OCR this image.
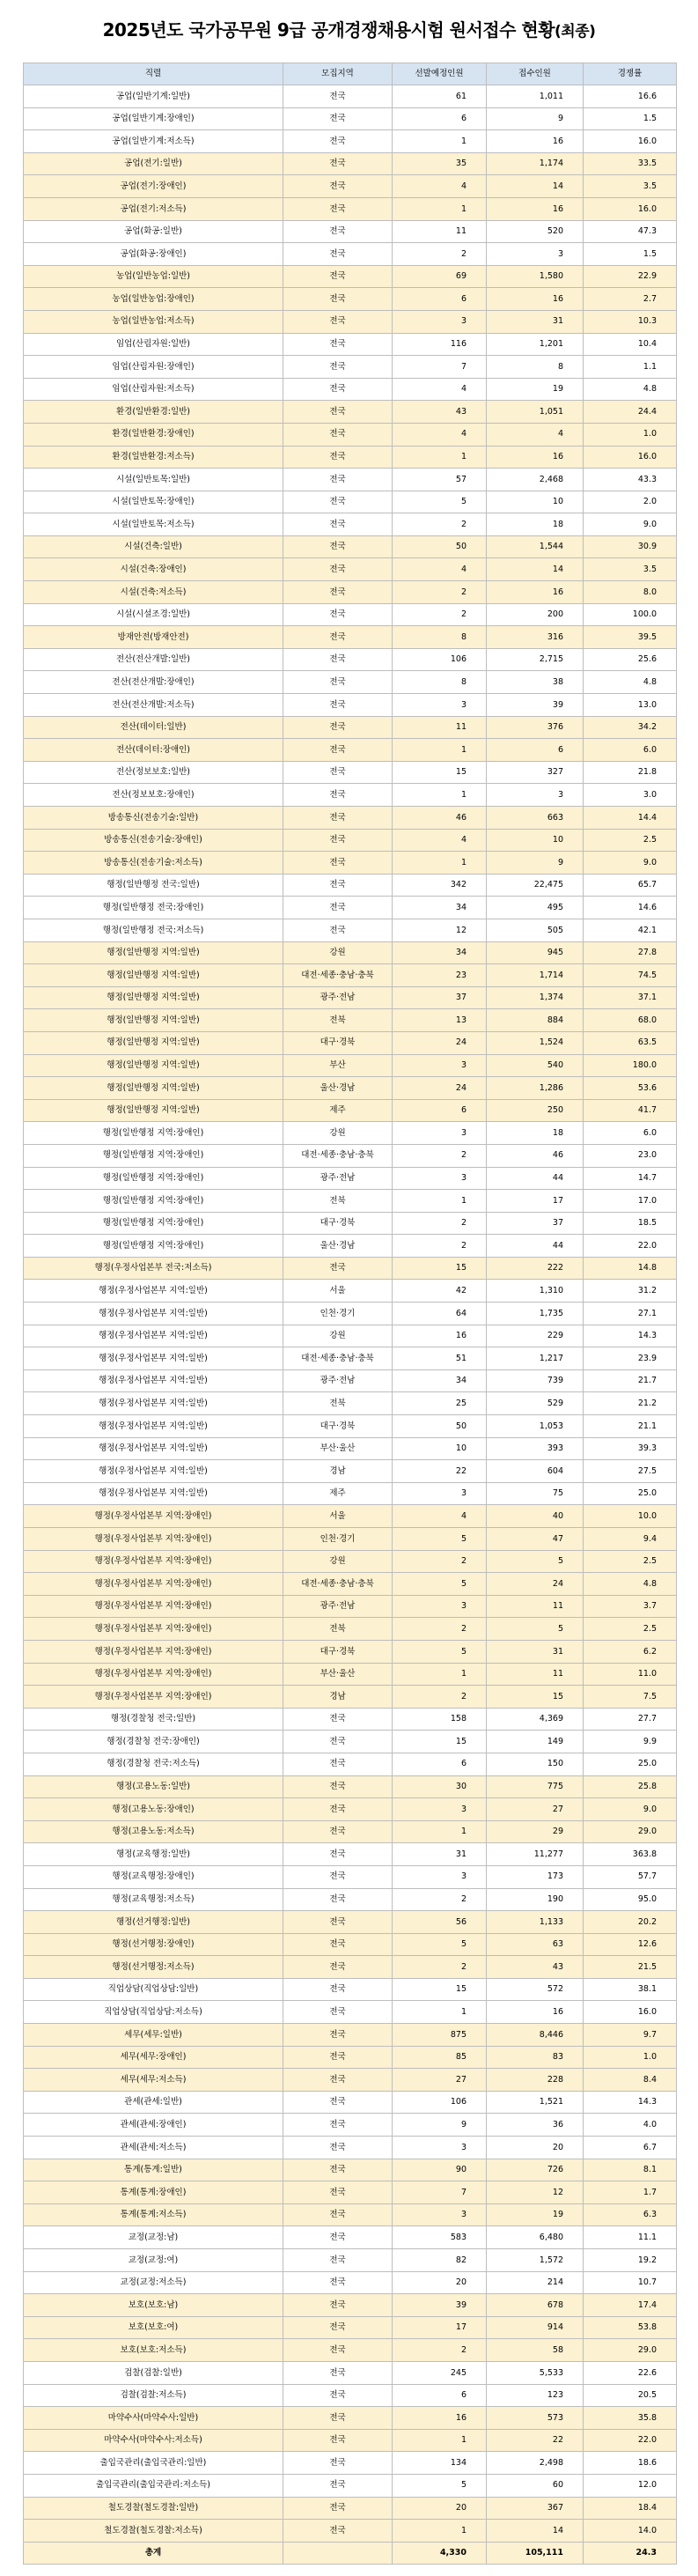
2025년도 국가공무원 9급 공개경쟁채용시험 원서접수 현황(최종)
직렬	모집지역	선발예정인원	접수인원	경쟁률
공업(일반기계:일반)	전국	61	1,011	16.6
공업(일반기계:장애인)	전국	6	9	1.5
공업(일반기계:저소득)	전국	1	16	16.0
공업(전기:일반)	전국	35	1,174	33.5
공업(전기:장애인)	전국	4	14	3.5
공업(전기:저소득)	전국	1	16	16.0
공업(화공:일반)	전국	11	520	47.3
공업(화공:장애인)	전국	2	3	1.5
농업(일반농업:일반)	전국	69	1,580	22.9
농업(일반농업:장애인)	전국	6	16	2.7
농업(일반농업:저소득)	전국	3	31	10.3
임업(산림자원:일반)	전국	116	1,201	10.4
임업(산림자원:장애인)	전국	7	8	1.1
임업(산림자원:저소득)	전국	4	19	4.8
환경(일반환경:일반)	전국	43	1,051	24.4
환경(일반환경:장애인)	전국	4	4	1.0
환경(일반환경:저소득)	전국	1	16	16.0
시설(일반토목:일반)	전국	57	2,468	43.3
시설(일반토목:장애인)	전국	5	10	2.0
시설(일반토목:저소득)	전국	2	18	9.0
시설(건축:일반)	전국	50	1,544	30.9
시설(건축:장애인)	전국	4	14	3.5
시설(건축:저소득)	전국	2	16	8.0
시설(시설조경:일반)	전국	2	200	100.0
방재안전(방재안전)	전국	8	316	39.5
전산(전산개발:일반)	전국	106	2,715	25.6
전산(전산개발:장애인)	전국	8	38	4.8
전산(전산개발:저소득)	전국	3	39	13.0
전산(데이터:일반)	전국	11	376	34.2
전산(데이터:장애인)	전국	1	6	6.0
전산(정보보호:일반)	전국	15	327	21.8
전산(정보보호:장애인)	전국	1	3	3.0
방송통신(전송기술:일반)	전국	46	663	14.4
방송통신(전송기술:장애인)	전국	4	10	2.5
방송통신(전송기술:저소득)	전국	1	9	9.0
행정(일반행정 전국:일반)	전국	342	22,475	65.7
행정(일반행정 전국:장애인)	전국	34	495	14.6
행정(일반행정 전국:저소득)	전국	12	505	42.1
행정(일반행정 지역:일반)	강원	34	945	27.8
행정(일반행정 지역:일반)	대전·세종·충남·충북	23	1,714	74.5
행정(일반행정 지역:일반)	광주·전남	37	1,374	37.1
행정(일반행정 지역:일반)	전북	13	884	68.0
행정(일반행정 지역:일반)	대구·경북	24	1,524	63.5
행정(일반행정 지역:일반)	부산	3	540	180.0
행정(일반행정 지역:일반)	울산·경남	24	1,286	53.6
행정(일반행정 지역:일반)	제주	6	250	41.7
행정(일반행정 지역:장애인)	강원	3	18	6.0
행정(일반행정 지역:장애인)	대전·세종·충남·충북	2	46	23.0
행정(일반행정 지역:장애인)	광주·전남	3	44	14.7
행정(일반행정 지역:장애인)	전북	1	17	17.0
행정(일반행정 지역:장애인)	대구·경북	2	37	18.5
행정(일반행정 지역:장애인)	울산·경남	2	44	22.0
행정(우정사업본부 전국:저소득)	전국	15	222	14.8
행정(우정사업본부 지역:일반)	서울	42	1,310	31.2
행정(우정사업본부 지역:일반)	인천·경기	64	1,735	27.1
행정(우정사업본부 지역:일반)	강원	16	229	14.3
행정(우정사업본부 지역:일반)	대전·세종·충남·충북	51	1,217	23.9
행정(우정사업본부 지역:일반)	광주·전남	34	739	21.7
행정(우정사업본부 지역:일반)	전북	25	529	21.2
행정(우정사업본부 지역:일반)	대구·경북	50	1,053	21.1
행정(우정사업본부 지역:일반)	부산·울산	10	393	39.3
행정(우정사업본부 지역:일반)	경남	22	604	27.5
행정(우정사업본부 지역:일반)	제주	3	75	25.0
행정(우정사업본부 지역:장애인)	서울	4	40	10.0
행정(우정사업본부 지역:장애인)	인천·경기	5	47	9.4
행정(우정사업본부 지역:장애인)	강원	2	5	2.5
행정(우정사업본부 지역:장애인)	대전·세종·충남·충북	5	24	4.8
행정(우정사업본부 지역:장애인)	광주·전남	3	11	3.7
행정(우정사업본부 지역:장애인)	전북	2	5	2.5
행정(우정사업본부 지역:장애인)	대구·경북	5	31	6.2
행정(우정사업본부 지역:장애인)	부산·울산	1	11	11.0
행정(우정사업본부 지역:장애인)	경남	2	15	7.5
행정(경찰청 전국:일반)	전국	158	4,369	27.7
행정(경찰청 전국:장애인)	전국	15	149	9.9
행정(경찰청 전국:저소득)	전국	6	150	25.0
행정(고용노동:일반)	전국	30	775	25.8
행정(고용노동:장애인)	전국	3	27	9.0
행정(고용노동:저소득)	전국	1	29	29.0
행정(교육행정:일반)	전국	31	11,277	363.8
행정(교육행정:장애인)	전국	3	173	57.7
행정(교육행정:저소득)	전국	2	190	95.0
행정(선거행정:일반)	전국	56	1,133	20.2
행정(선거행정:장애인)	전국	5	63	12.6
행정(선거행정:저소득)	전국	2	43	21.5
직업상담(직업상담:일반)	전국	15	572	38.1
직업상담(직업상담:저소득)	전국	1	16	16.0
세무(세무:일반)	전국	875	8,446	9.7
세무(세무:장애인)	전국	85	83	1.0
세무(세무:저소득)	전국	27	228	8.4
관세(관세:일반)	전국	106	1,521	14.3
관세(관세:장애인)	전국	9	36	4.0
관세(관세:저소득)	전국	3	20	6.7
통계(통계:일반)	전국	90	726	8.1
통계(통계:장애인)	전국	7	12	1.7
통계(통계:저소득)	전국	3	19	6.3
교정(교정:남)	전국	583	6,480	11.1
교정(교정:여)	전국	82	1,572	19.2
교정(교정:저소득)	전국	20	214	10.7
보호(보호:남)	전국	39	678	17.4
보호(보호:여)	전국	17	914	53.8
보호(보호:저소득)	전국	2	58	29.0
검찰(검찰:일반)	전국	245	5,533	22.6
검찰(검찰:저소득)	전국	6	123	20.5
마약수사(마약수사:일반)	전국	16	573	35.8
마약수사(마약수사:저소득)	전국	1	22	22.0
출입국관리(출입국관리:일반)	전국	134	2,498	18.6
출입국관리(출입국관리:저소득)	전국	5	60	12.0
철도경찰(철도경찰:일반)	전국	20	367	18.4
철도경찰(철도경찰:저소득)	전국	1	14	14.0
총계		4,330	105,111	24.3
